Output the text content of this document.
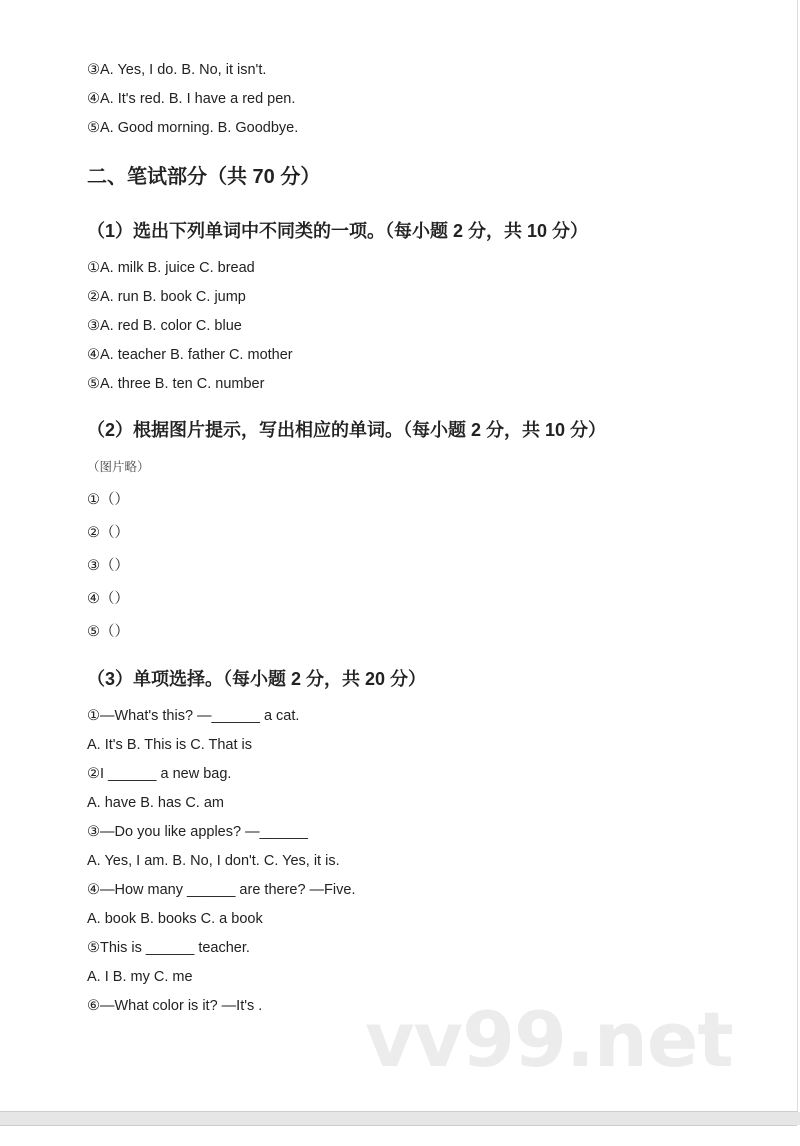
③A. Yes, I do. B. No, it isn't.
④A. It's red. B. I have a red pen.
⑤A. Good morning. B. Goodbye.
二、笔试部分（共 70 分）
（1）选出下列单词中不同类的一项。（每小题 2 分，共 10 分）
①A. milk B. juice C. bread
②A. run B. book C. jump
③A. red B. color C. blue
④A. teacher B. father C. mother
⑤A. three B. ten C. number
（2）根据图片提示，写出相应的单词。（每小题 2 分，共 10 分）
（图片略）
①（）
②（）
③（）
④（）
⑤（）
（3）单项选择。（每小题 2 分，共 20 分）
①—What's this? —______ a cat.
A. It's B. This is C. That is
②I ______ a new bag.
A. have B. has C. am
③—Do you like apples? —______
A. Yes, I am. B. No, I don't. C. Yes, it is.
④—How many ______ are there? —Five.
A. book B. books C. a book
⑤This is ______ teacher.
A. I B. my C. me
⑥—What color is it? —It's . vv99.net
